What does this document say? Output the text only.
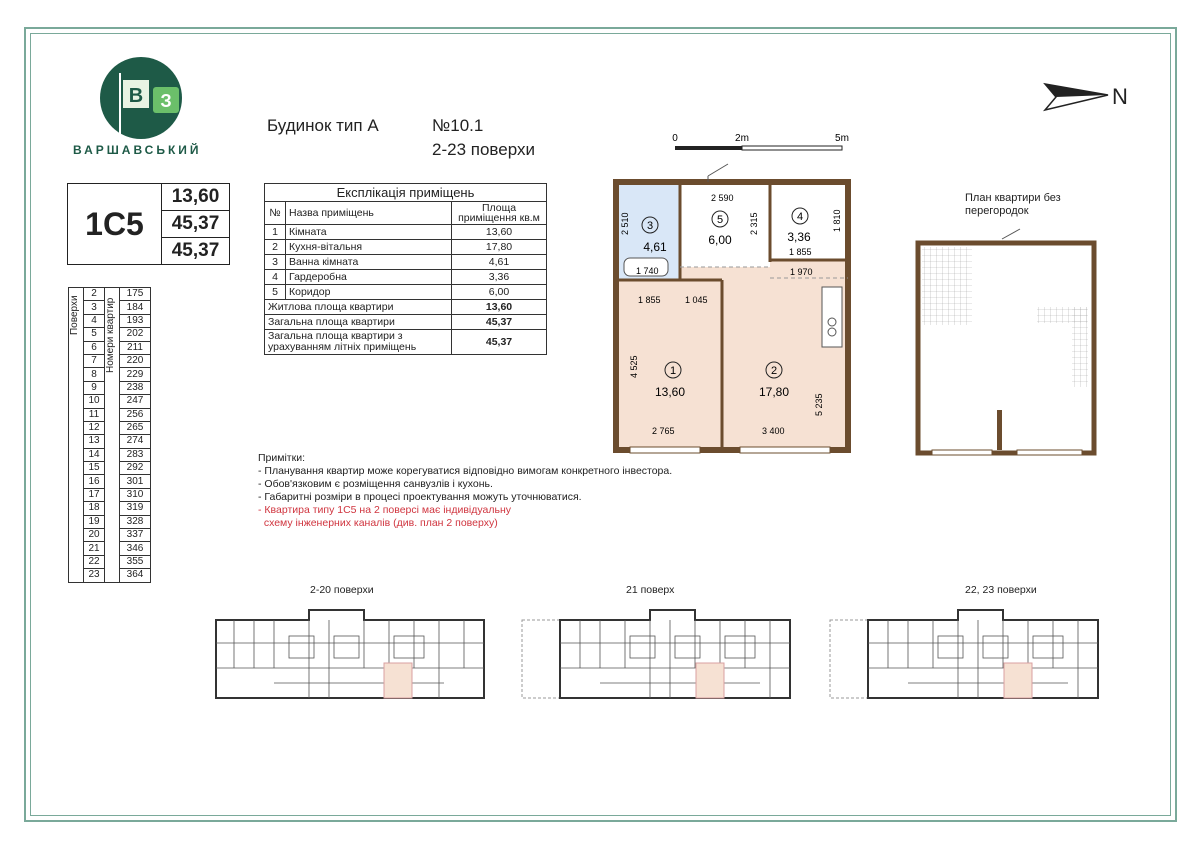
В З
ВАРШАВСЬКИЙ
Будинок тип А	№10.1
2-23 поверхи
0	2m	5m
N
1С5
13,60
45,37
45,37
Експлікація приміщень		
№	Назва приміщень	Площа приміщення кв.м
1	Кімната	13,60
2	Кухня-вітальня	17,80
3	Ванна кімната	4,61
4	Гардеробна	3,36
5	Коридор	6,00
Житлова площа квартири		13,60
Загальна площа квартири		45,37
Загальна площа квартири з урахуванням літніх приміщень		45,37
Поверхи	2	Номери квартир	175
	3		184
	4		193
	5		202
	6		211
	7		220
	8		229
	9		238
	10		247
	11		256
	12		265
	13		274
	14		283
	15		292
	16		301
	17		310
	18		319
	19		328
	20		337
	21		346
	22		355
	23		364
1 740
2 590
1 810
2 510	2 315
1 855
1 970
1 855	1 045
4 525
5 235
2 765	3 400
3
4,61
5
6,00
4
3,36
1
13,60
2
17,80
План квартири без перегородок
Примітки:
- Планування квартир може корегуватися відповідно вимогам конкретного інвестора.
- Обов'язковим є розміщення санвузлів і кухонь.
- Габаритні розміри в процесі проектування можуть уточнюватися.
- Квартира типу 1С5 на 2 поверсі має індивідуальну
схему інженерних каналів (див. план 2 поверху)
2-20 поверхи	21 поверх	22, 23 поверхи
